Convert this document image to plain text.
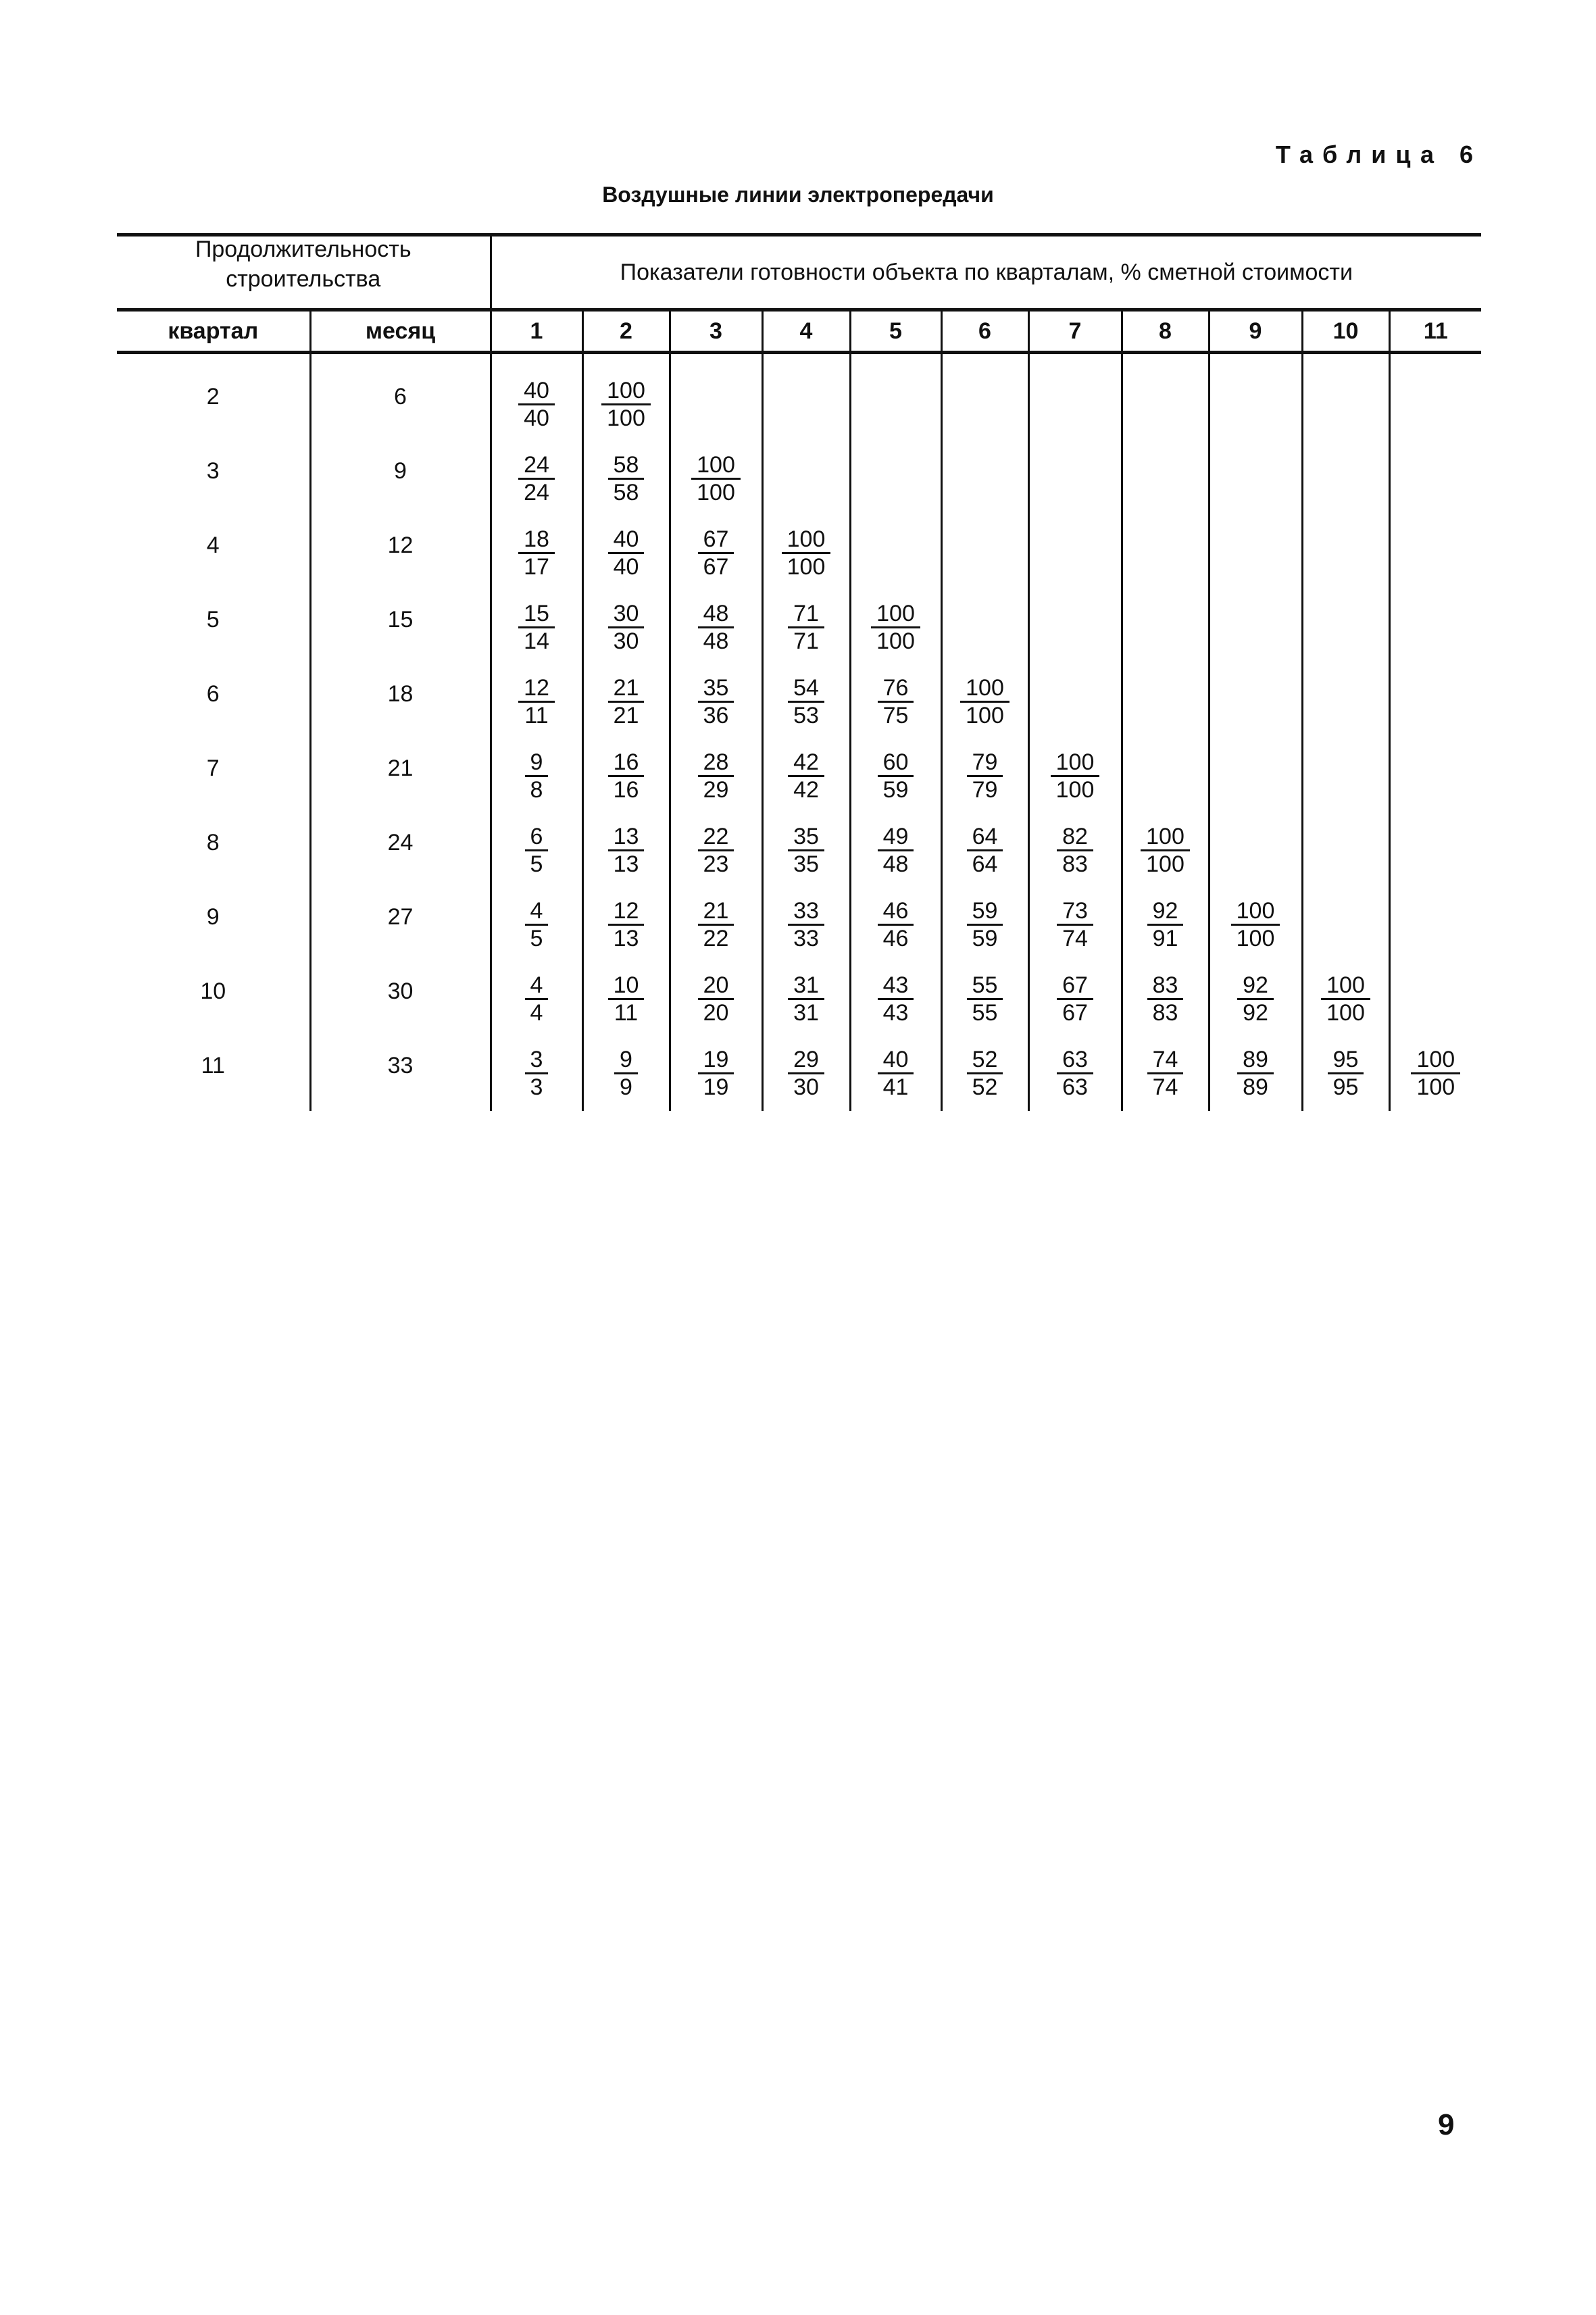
Таблица 6
Воздушные линии электропередачи
Продолжительность строительства		Показатели готовности объекта по кварталам, % сметной стоимости										
квартал	месяц	1	2	3	4	5	6	7	8	9	10	11
2	6	$\frac{40}{40}$	$\frac{100}{100}$

3	9	$\frac{24}{24}$	$\frac{58}{58}$	$\frac{100}{100}$

4	12	$\frac{18}{17}$	$\frac{40}{40}$	$\frac{67}{67}$	$\frac{100}{100}$

5	15	$\frac{15}{14}$	$\frac{30}{30}$	$\frac{48}{48}$	$\frac{71}{71}$	$\frac{100}{100}$

6	18	$\frac{12}{11}$	$\frac{21}{21}$	$\frac{35}{36}$	$\frac{54}{53}$	$\frac{76}{75}$	$\frac{100}{100}$

7	21	$\frac{9}{8}$	$\frac{16}{16}$	$\frac{28}{29}$	$\frac{42}{42}$	$\frac{60}{59}$	$\frac{79}{79}$	$\frac{100}{100}$

8	24	$\frac{6}{5}$	$\frac{13}{13}$	$\frac{22}{23}$	$\frac{35}{35}$	$\frac{49}{48}$	$\frac{64}{64}$	$\frac{82}{83}$	$\frac{100}{100}$

9	27	$\frac{4}{5}$	$\frac{12}{13}$	$\frac{21}{22}$	$\frac{33}{33}$	$\frac{46}{46}$	$\frac{59}{59}$	$\frac{73}{74}$	$\frac{92}{91}$	$\frac{100}{100}$

10	30	$\frac{4}{4}$	$\frac{10}{11}$	$\frac{20}{20}$	$\frac{31}{31}$	$\frac{43}{43}$	$\frac{55}{55}$	$\frac{67}{67}$	$\frac{83}{83}$	$\frac{92}{92}$	$\frac{100}{100}$

11	33	$\frac{3}{3}$	$\frac{9}{9}$	$\frac{19}{19}$	$\frac{29}{30}$	$\frac{40}{41}$	$\frac{52}{52}$	$\frac{63}{63}$	$\frac{74}{74}$	$\frac{89}{89}$	$\frac{95}{95}$	$\frac{100}{100}$
9
